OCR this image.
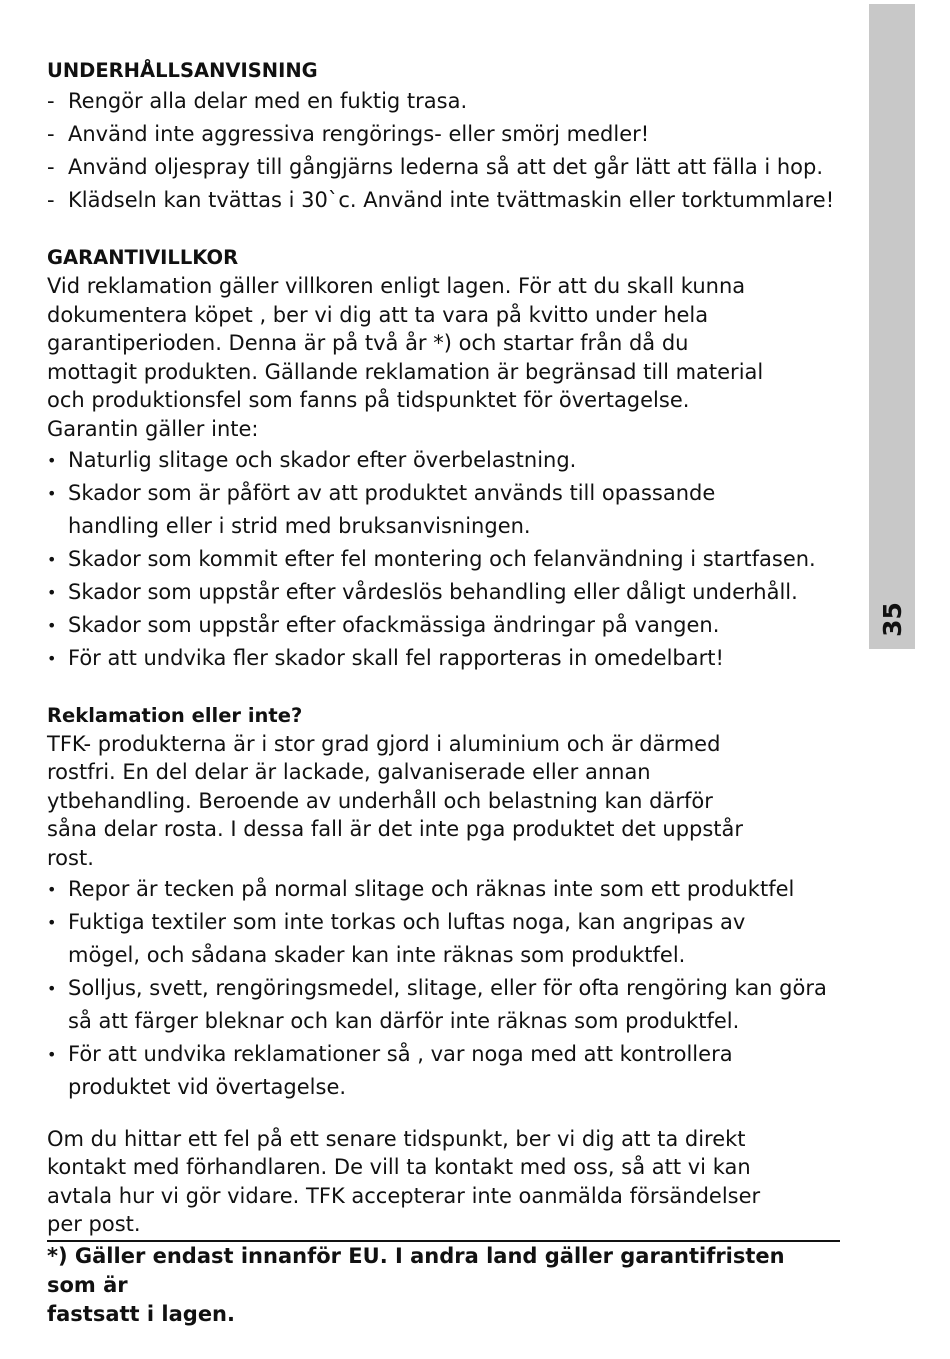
35

UNDERHÅLLSANVISNING

- Rengör alla delar med en fuktig trasa.
- Använd inte aggressiva rengörings- eller smörj medler!
- Använd oljespray till gångjärns lederna så att det går lätt att fälla i hop.
- Klädseln kan tvättas i 30`c. Använd inte tvättmaskin eller torktummlare!

GARANTIVILLKOR

Vid reklamation gäller villkoren enligt lagen. För att du skall kunna
dokumentera köpet , ber vi dig att ta vara på kvitto under hela
garantiperioden. Denna är på två år *) och startar från då du
mottagit produkten. Gällande reklamation är begränsad till material
och produktionsfel som fanns på tidspunktet för övertagelse.
Garantin gäller inte:

• Naturlig slitage och skador efter överbelastning.
• Skador som är påfört av att produktet används till opassande
handling eller i strid med bruksanvisningen.
• Skador som kommit efter fel montering och felanvändning i startfasen.
• Skador som uppstår efter vårdeslös behandling eller dåligt underhåll.
• Skador som uppstår efter ofackmässiga ändringar på vangen.
• För att undvika fler skador skall fel rapporteras in omedelbart!

Reklamation eller inte?

TFK- produkterna är i stor grad gjord i aluminium och är därmed
rostfri. En del delar är lackade, galvaniserade eller annan
ytbehandling. Beroende av underhåll och belastning kan därför
såna delar rosta. I dessa fall är det inte pga produktet det uppstår
rost.

• Repor är tecken på normal slitage och räknas inte som ett produktfel
• Fuktiga textiler som inte torkas och luftas noga, kan angripas av
mögel, och sådana skader kan inte räknas som produktfel.
• Solljus, svett, rengöringsmedel, slitage, eller för ofta rengöring kan göra
så att färger bleknar och kan därför inte räknas som produktfel.
• För att undvika reklamationer så , var noga med att kontrollera
produktet vid övertagelse.

Om du hittar ett fel på ett senare tidspunkt, ber vi dig att ta direkt
kontakt med förhandlaren. De vill ta kontakt med oss, så att vi kan
avtala hur vi gör vidare. TFK accepterar inte oanmälda försändelser
per post.

*) Gäller endast innanför EU. I andra land gäller garantifristen som är
fastsatt i lagen.
